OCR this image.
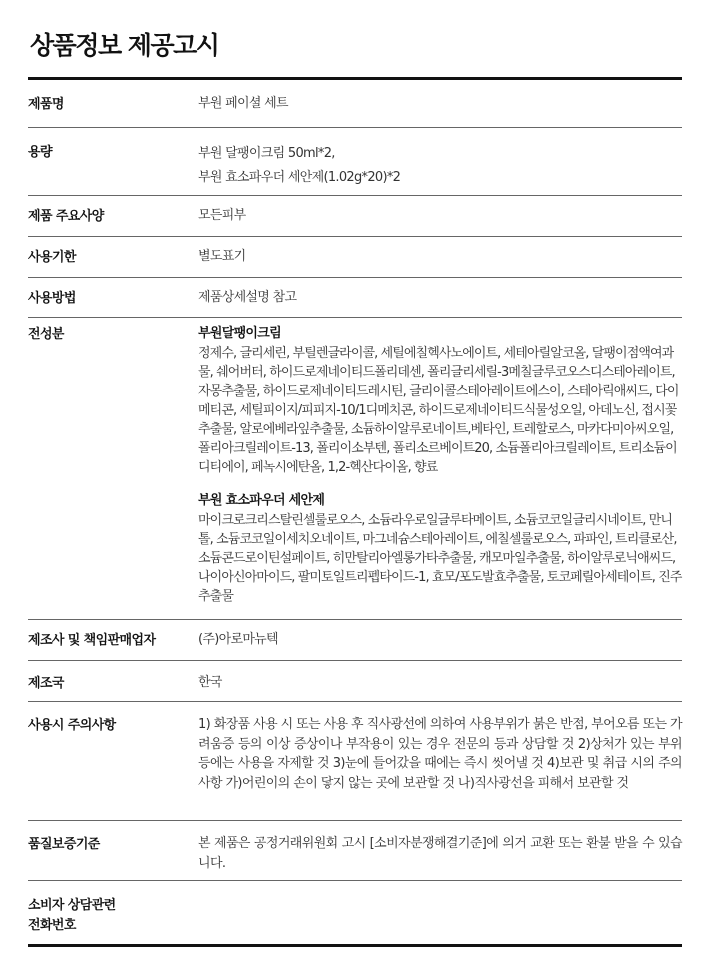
상품정보 제공고시
제품명	부원 페이셜 세트
용량	부원 달팽이크림 50ml*2,
부원 효소파우더 세안제(1.02g*20)*2
제품 주요사양	모든피부
사용기한	별도표기
사용방법	제품상세설명 참고
전성분	부원달팽이크림
정제수, 글리세린, 부틸렌글라이콜, 세틸에칠헥사노에이트, 세테아릴알코올, 달팽이점액여과물, 쉐어버터, 하이드로제네이티드폴리데센, 폴리글리세릴-3메칠글루코오스디스테아레이트, 자몽추출물, 하이드로제네이티드레시틴, 글리이콜스테아레이트에스이, 스테아릭애씨드, 다이메티콘, 세틸피이지/피피지-10/1디메치콘, 하이드로제네이티드식물성오일, 아데노신, 접시꽃추출물, 알로에베라잎추출물, 소듐하이알루로네이트,베타인, 트레할로스, 마카다미아씨오일, 폴리아크릴레이트-13, 폴리이소부텐, 폴리소르베이트20, 소듐폴리아크릴레이트, 트리소듐이디티에이, 페녹시에탄올, 1,2-헥산다이올, 향료
부원 효소파우더 세안제
마이크로크리스탈린셀룰로오스, 소듐라우로일글루타메이트, 소듐코코일글리시네이트, 만니톨, 소듐코코일이세치오네이트, 마그네슘스테아레이트, 에칠셀룰로오스, 파파인, 트리클로산, 소듐콘드로이틴설페이트, 히만탈리아엘롱가타추출물, 캐모마일추출물, 하이알루로닉애씨드, 나이아신아마이드, 팔미토일트리펩타이드-1, 효모/포도발효추출물, 토코페릴아세테이트, 진주추출물
제조사 및 책임판매업자	(주)아로마뉴텍
제조국	한국
사용시 주의사항	1) 화장품 사용 시 또는 사용 후 직사광선에 의하여 사용부위가 붉은 반점, 부어오름 또는 가려움증 등의 이상 증상이나 부작용이 있는 경우 전문의 등과 상담할 것 2)상처가 있는 부위 등에는 사용을 자제할 것 3)눈에 들어갔을 때에는 즉시 씻어낼 것 4)보관 및 취급 시의 주의사항 가)어린이의 손이 닿지 않는 곳에 보관할 것 나)직사광선을 피해서 보관할 것
품질보증기준	본 제품은 공정거래위원회 고시 [소비자분쟁해결기준]에 의거 교환 또는 환불 받을 수 있습니다.
소비자 상담관련
전화번호
